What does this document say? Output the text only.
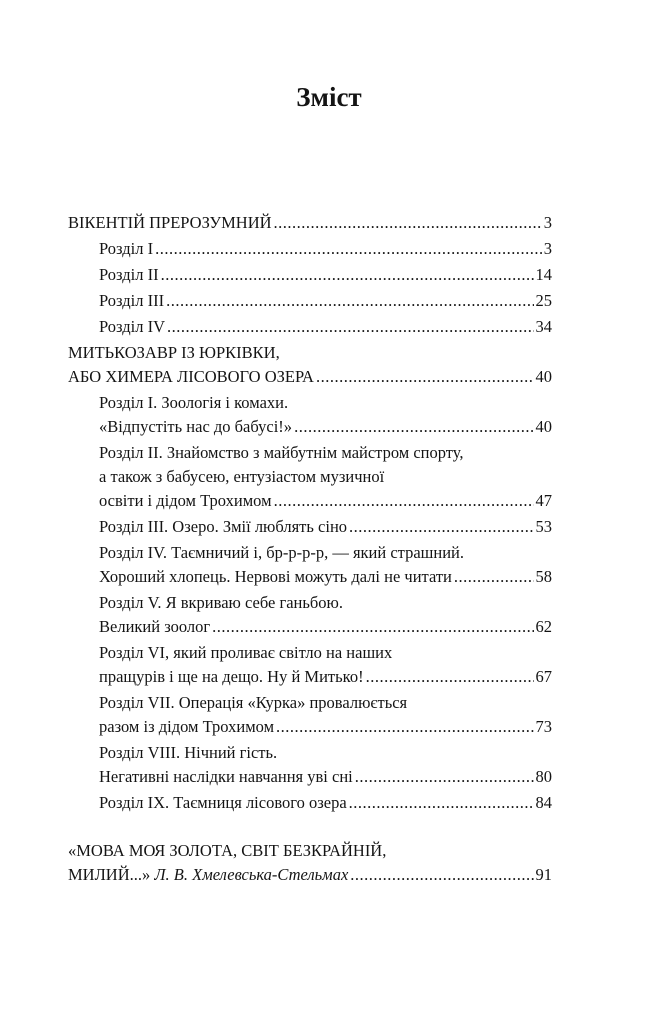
Зміст
ВІКЕНТІЙ ПРЕРОЗУМНИЙ .....	3
Розділ I .....	3
Розділ II .....	14
Розділ III .....	25
Розділ IV .....	34
МИТЬКОЗАВР ІЗ ЮРКІВКИ,
АБО ХИМЕРА ЛІСОВОГО ОЗЕРА .....	40
Розділ I. Зоологія і комахи.
«Відпустіть нас до бабусі!» .....	40
Розділ II. Знайомство з майбутнім майстром спорту,
а також з бабусею, ентузіастом музичної
освіти і дідом Трохимом .....	47
Розділ III. Озеро. Змії люблять сіно .....	53
Розділ IV. Таємничий і, бр-р-р-р, — який страшний.
Хороший хлопець. Нервові можуть далі не читати .....	58
Розділ V. Я вкриваю себе ганьбою.
Великий зоолог .....	62
Розділ VI, який проливає світло на наших
пращурів і ще на дещо. Ну й Митько! .....	67
Розділ VII. Операція «Курка» провалюється
разом із дідом Трохимом .....	73
Розділ VIII. Нічний гість.
Негативні наслідки навчання уві сні .....	80
Розділ IX. Таємниця лісового озера .....	84
«МОВА МОЯ ЗОЛОТА, СВІТ БЕЗКРАЙНІЙ,
МИЛИЙ...»
Л. В. Хмелевська-Стельмах .....	91
